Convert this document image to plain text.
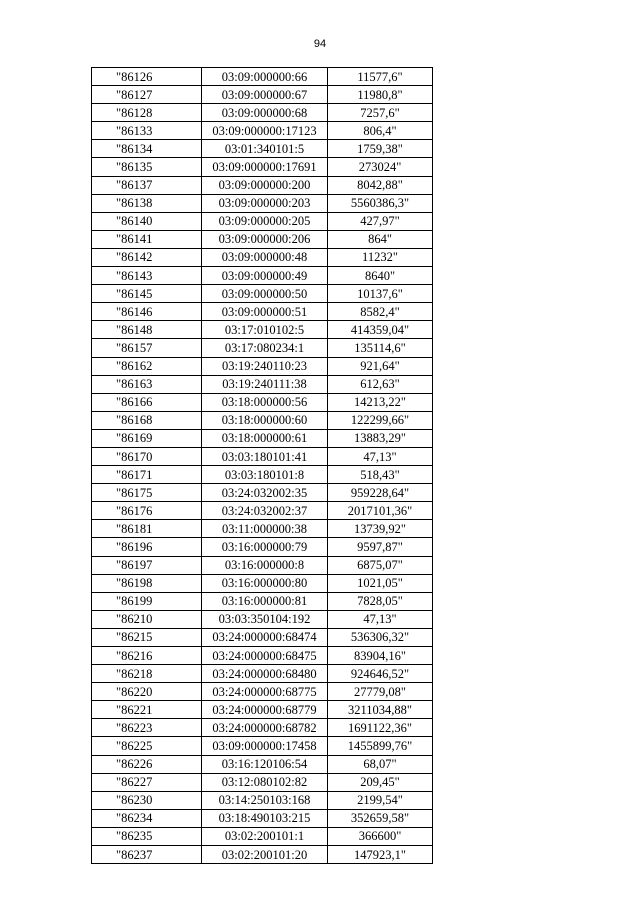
94
"86126	03:09:000000:66	11577,6"
"86127	03:09:000000:67	11980,8"
"86128	03:09:000000:68	7257,6"
"86133	03:09:000000:17123	806,4"
"86134	03:01:340101:5	1759,38"
"86135	03:09:000000:17691	273024"
"86137	03:09:000000:200	8042,88"
"86138	03:09:000000:203	5560386,3"
"86140	03:09:000000:205	427,97"
"86141	03:09:000000:206	864"
"86142	03:09:000000:48	11232"
"86143	03:09:000000:49	8640"
"86145	03:09:000000:50	10137,6"
"86146	03:09:000000:51	8582,4"
"86148	03:17:010102:5	414359,04"
"86157	03:17:080234:1	135114,6"
"86162	03:19:240110:23	921,64"
"86163	03:19:240111:38	612,63"
"86166	03:18:000000:56	14213,22"
"86168	03:18:000000:60	122299,66"
"86169	03:18:000000:61	13883,29"
"86170	03:03:180101:41	47,13"
"86171	03:03:180101:8	518,43"
"86175	03:24:032002:35	959228,64"
"86176	03:24:032002:37	2017101,36"
"86181	03:11:000000:38	13739,92"
"86196	03:16:000000:79	9597,87"
"86197	03:16:000000:8	6875,07"
"86198	03:16:000000:80	1021,05"
"86199	03:16:000000:81	7828,05"
"86210	03:03:350104:192	47,13"
"86215	03:24:000000:68474	536306,32"
"86216	03:24:000000:68475	83904,16"
"86218	03:24:000000:68480	924646,52"
"86220	03:24:000000:68775	27779,08"
"86221	03:24:000000:68779	3211034,88"
"86223	03:24:000000:68782	1691122,36"
"86225	03:09:000000:17458	1455899,76"
"86226	03:16:120106:54	68,07"
"86227	03:12:080102:82	209,45"
"86230	03:14:250103:168	2199,54"
"86234	03:18:490103:215	352659,58"
"86235	03:02:200101:1	366600"
"86237	03:02:200101:20	147923,1"
